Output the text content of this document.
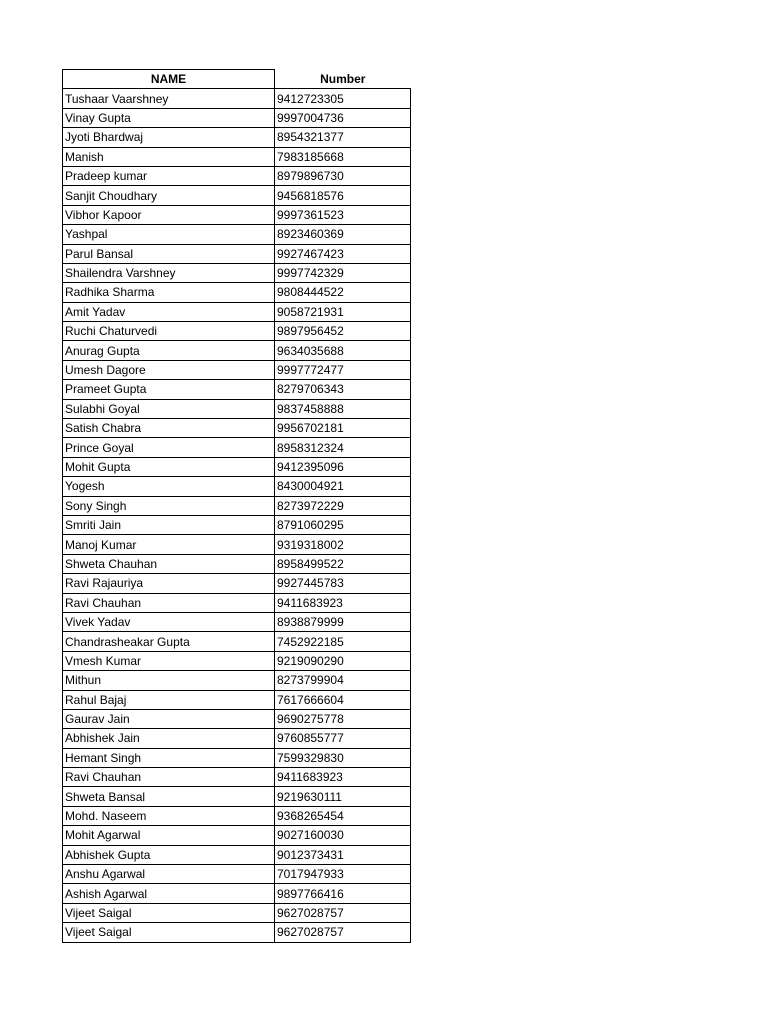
NAME	Number
Tushaar Vaarshney	9412723305
Vinay Gupta	9997004736
Jyoti Bhardwaj	8954321377
Manish	7983185668
Pradeep kumar	8979896730
Sanjit Choudhary	9456818576
Vibhor Kapoor	9997361523
Yashpal	8923460369
Parul Bansal	9927467423
Shailendra Varshney	9997742329
Radhika Sharma	9808444522
Amit Yadav	9058721931
Ruchi Chaturvedi	9897956452
Anurag Gupta	9634035688
Umesh Dagore	9997772477
Prameet Gupta	8279706343
Sulabhi Goyal	9837458888
Satish Chabra	9956702181
Prince Goyal	8958312324
Mohit Gupta	9412395096
Yogesh	8430004921
Sony Singh	8273972229
Smriti Jain	8791060295
Manoj Kumar	9319318002
Shweta Chauhan	8958499522
Ravi Rajauriya	9927445783
Ravi Chauhan	9411683923
Vivek Yadav	8938879999
Chandrasheakar Gupta	7452922185
Vmesh Kumar	9219090290
Mithun	8273799904
Rahul Bajaj	7617666604
Gaurav Jain	9690275778
Abhishek Jain	9760855777
Hemant Singh	7599329830
Ravi Chauhan	9411683923
Shweta Bansal	9219630111
Mohd. Naseem	9368265454
Mohit Agarwal	9027160030
Abhishek Gupta	9012373431
Anshu Agarwal	7017947933
Ashish Agarwal	9897766416
Vijeet Saigal	9627028757
Vijeet Saigal	9627028757
